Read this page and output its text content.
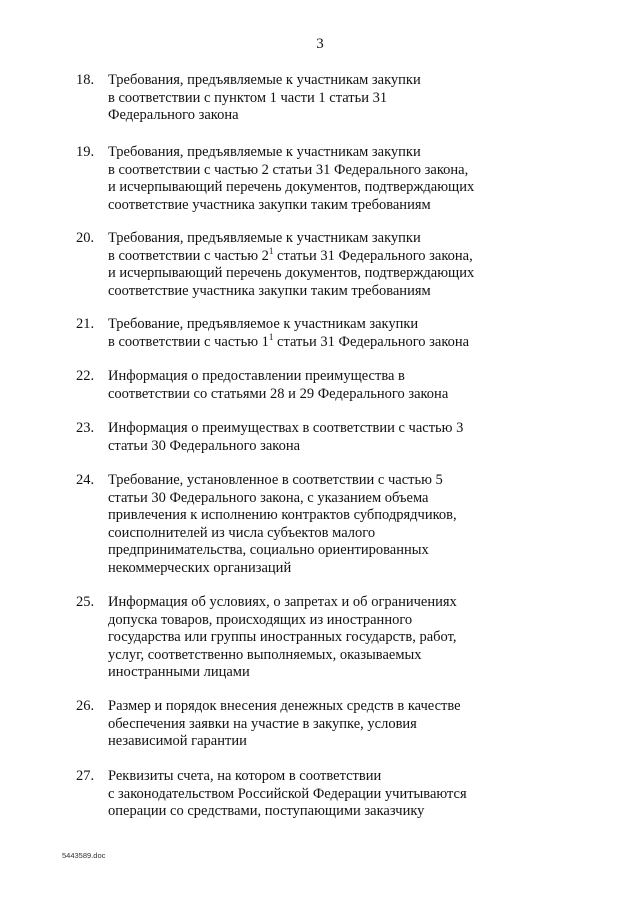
3
18. Требования, предъявляемые к участникам закупки
в соответствии с пунктом 1 части 1 статьи 31
Федерального закона
19. Требования, предъявляемые к участникам закупки
в соответствии с частью 2 статьи 31 Федерального закона,
и исчерпывающий перечень документов, подтверждающих
соответствие участника закупки таким требованиям
20. Требования, предъявляемые к участникам закупки
в соответствии с частью $2^1$ статьи 31 Федерального закона,
и исчерпывающий перечень документов, подтверждающих
соответствие участника закупки таким требованиям
21. Требование, предъявляемое к участникам закупки
в соответствии с частью $1^1$ статьи 31 Федерального закона
22. Информация о предоставлении преимущества в
соответствии со статьями 28 и 29 Федерального закона
23. Информация о преимуществах в соответствии с частью 3
статьи 30 Федерального закона
24. Требование, установленное в соответствии с частью 5
статьи 30 Федерального закона, с указанием объема
привлечения к исполнению контрактов субподрядчиков,
соисполнителей из числа субъектов малого
предпринимательства, социально ориентированных
некоммерческих организаций
25. Информация об условиях, о запретах и об ограничениях
допуска товаров, происходящих из иностранного
государства или группы иностранных государств, работ,
услуг, соответственно выполняемых, оказываемых
иностранными лицами
26. Размер и порядок внесения денежных средств в качестве
обеспечения заявки на участие в закупке, условия
независимой гарантии
27. Реквизиты счета, на котором в соответствии
с законодательством Российской Федерации учитываются
операции со средствами, поступающими заказчику
5443589.doc
